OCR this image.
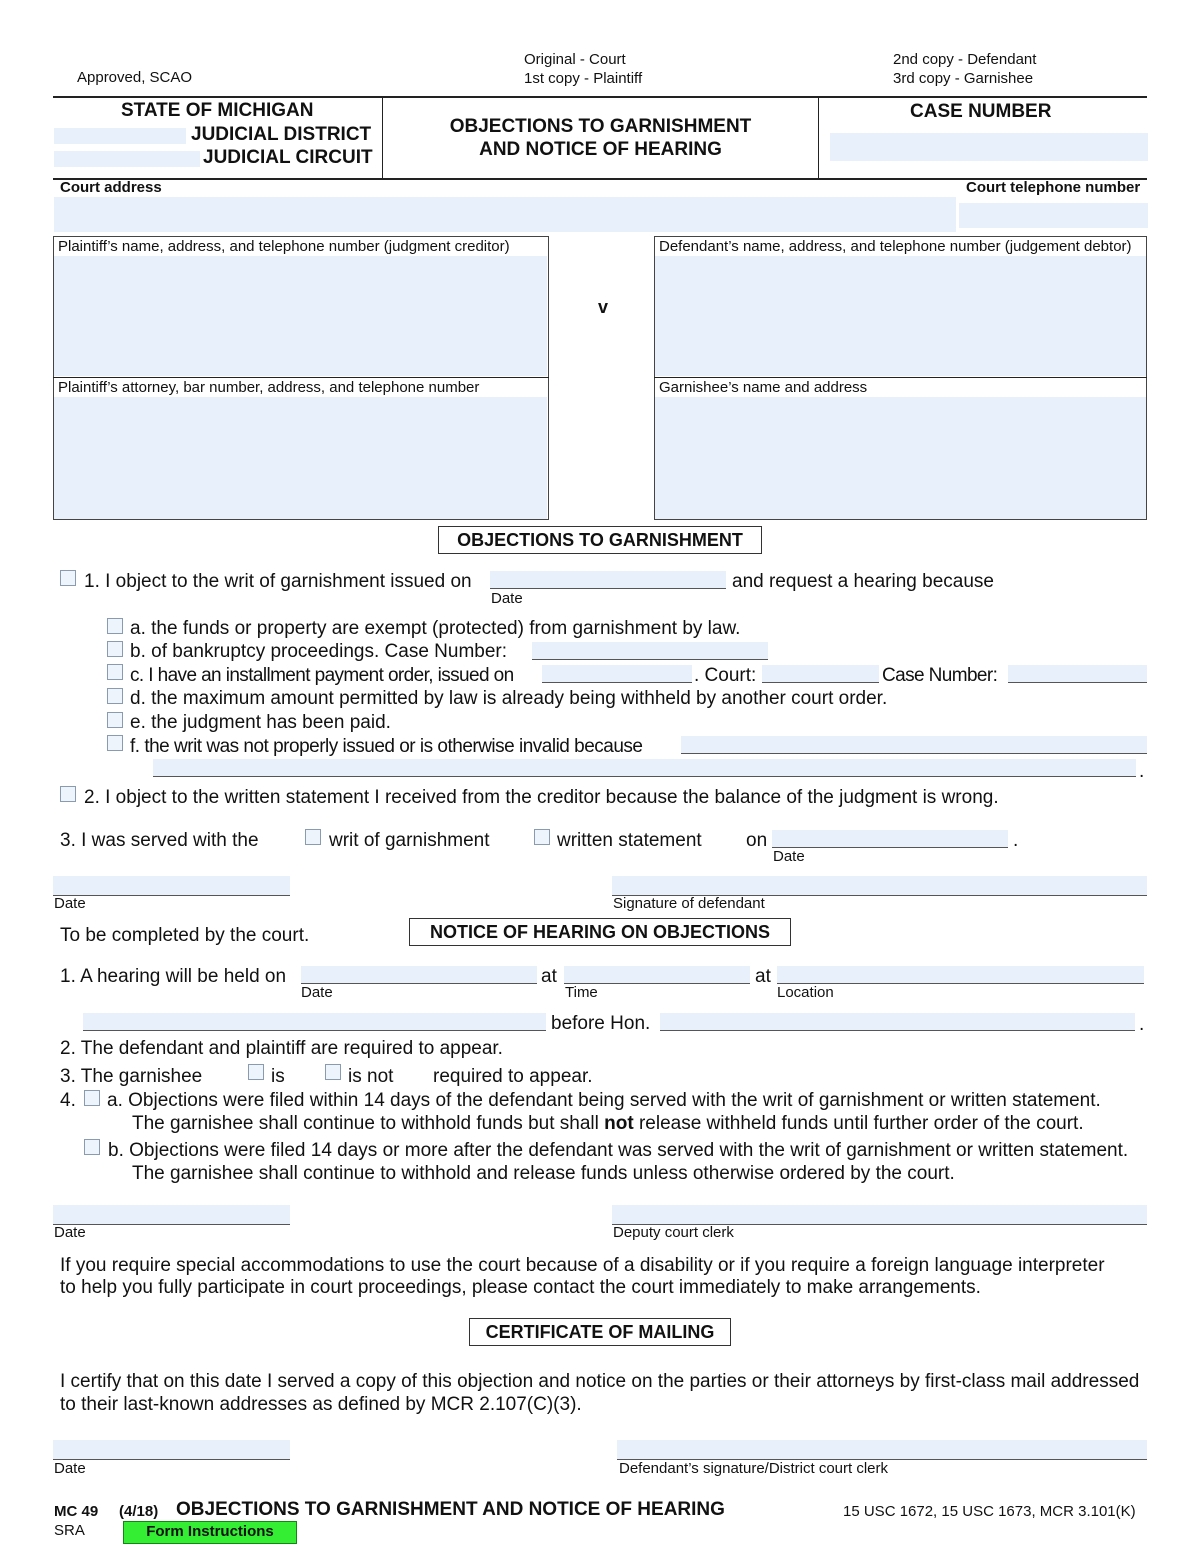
Approved, SCAO
Original - Court
1st copy - Plaintiff
2nd copy - Defendant
3rd copy - Garnishee
STATE OF MICHIGAN
JUDICIAL DISTRICT
JUDICIAL CIRCUIT
OBJECTIONS TO GARNISHMENT
AND NOTICE OF HEARING
CASE NUMBER
Court address	Court telephone number
Plaintiff’s name, address, and telephone number (judgment creditor)
Plaintiff’s attorney, bar number, address, and telephone number
v
Defendant’s name, address, and telephone number (judgement debtor)
Garnishee’s name and address
OBJECTIONS TO GARNISHMENT
1. I object to the writ of garnishment issued on
Date
and request a hearing because
a. the funds or property are exempt (protected) from garnishment by law.
b. of bankruptcy proceedings. Case Number:
c. I have an installment payment order, issued on	. Court:	Case Number:
d. the maximum amount permitted by law is already being withheld by another court order.
e. the judgment has been paid.
f. the writ was not properly issued or is otherwise invalid because
.
2. I object to the written statement I received from the creditor because the balance of the judgment is wrong.
3. I was served with the	writ of garnishment	written statement on	.
Date
Date	Signature of defendant
To be completed by the court.	NOTICE OF HEARING ON OBJECTIONS
1. A hearing will be held on
Date
at
Time
at
Location
before Hon.	.
2. The defendant and plaintiff are required to appear.
3. The garnishee	is	is not required to appear.
4. a. Objections were filed within 14 days of the defendant being served with the writ of garnishment or written statement.
The garnishee shall continue to withhold funds but shall not release withheld funds until further order of the court.
b. Objections were filed 14 days or more after the defendant was served with the writ of garnishment or written statement.
The garnishee shall continue to withhold and release funds unless otherwise ordered by the court.
Date	Deputy court clerk
If you require special accommodations to use the court because of a disability or if you require a foreign language interpreter
to help you fully participate in court proceedings, please contact the court immediately to make arrangements.
CERTIFICATE OF MAILING
I certify that on this date I served a copy of this objection and notice on the parties or their attorneys by first-class mail addressed
to their last-known addresses as defined by MCR 2.107(C)(3).
Date	Defendant’s signature/District court clerk
MC 49 (4/18) OBJECTIONS TO GARNISHMENT AND NOTICE OF HEARING	15 USC 1672, 15 USC 1673, MCR 3.101(K)
SRA	Form Instructions
